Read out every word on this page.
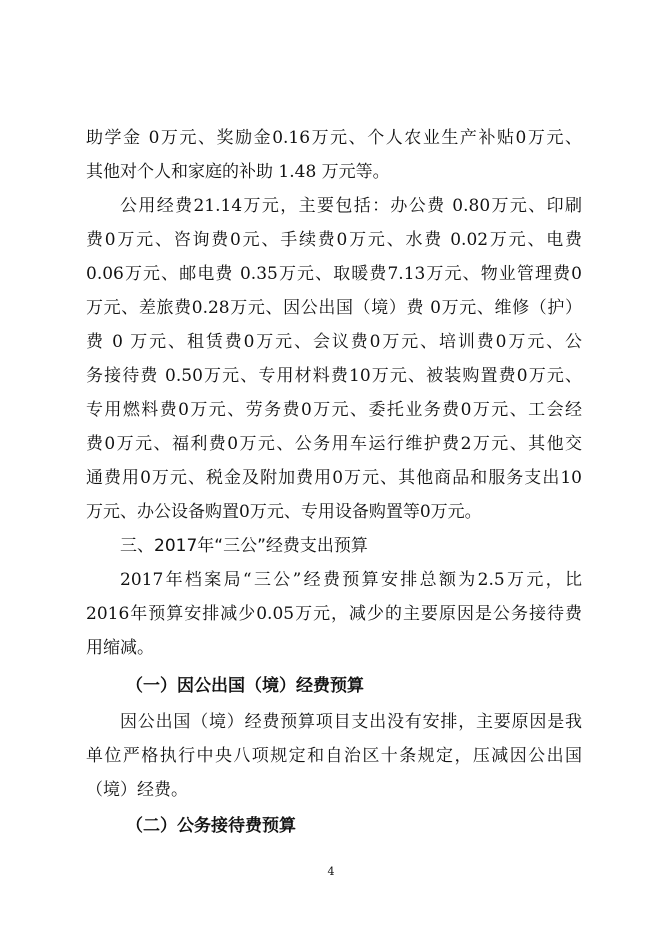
助学金 0万元、奖励金0.16万元、个人农业生产补贴0万元、
其他对个人和家庭的补助 1.48 万元等。
公用经费21.14万元，主要包括：办公费 0.80万元、印刷
费0万元、咨询费0元、手续费0万元、水费 0.02万元、电费
0.06万元、邮电费 0.35万元、取暖费7.13万元、物业管理费0
万元、差旅费0.28万元、因公出国（境）费 0万元、维修（护）
费 0 万元、租赁费0万元、会议费0万元、培训费0万元、公
务接待费 0.50万元、专用材料费10万元、被装购置费0万元、
专用燃料费0万元、劳务费0万元、委托业务费0万元、工会经
费0万元、福利费0万元、公务用车运行维护费2万元、其他交
通费用0万元、税金及附加费用0万元、其他商品和服务支出10
万元、办公设备购置0万元、专用设备购置等0万元。
三、2017年“三公”经费支出预算
2017年档案局“三公”经费预算安排总额为2.5万元，比
2016年预算安排减少0.05万元，减少的主要原因是公务接待费
用缩减。
（一）因公出国（境）经费预算
因公出国（境）经费预算项目支出没有安排，主要原因是我
单位严格执行中央八项规定和自治区十条规定，压减因公出国
（境）经费。
（二）公务接待费预算
4
